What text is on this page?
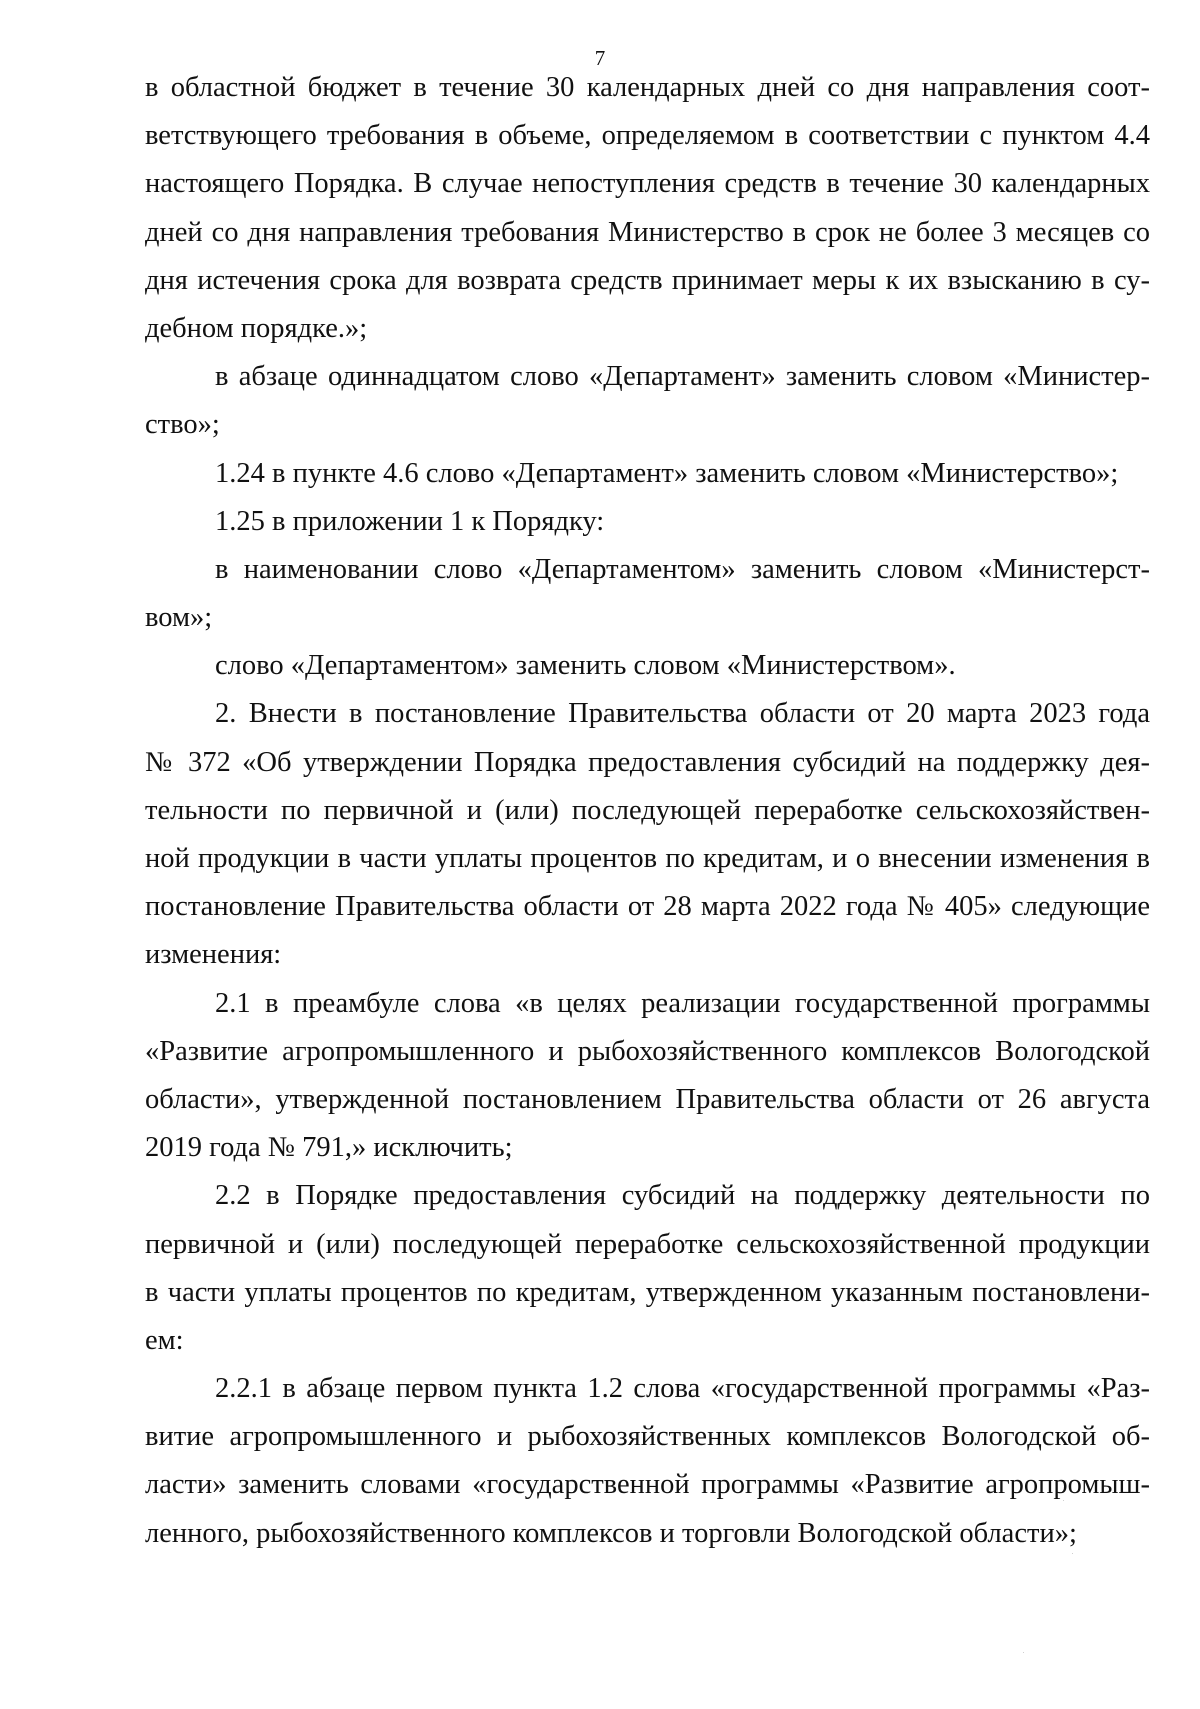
7
в областной бюджет в течение 30 календарных дней со дня направления соот-
ветствующего требования в объеме, определяемом в соответствии с пунктом 4.4
настоящего Порядка. В случае непоступления средств в течение 30 календарных
дней со дня направления требования Министерство в срок не более 3 месяцев со
дня истечения срока для возврата средств принимает меры к их взысканию в су-
дебном порядке.»;
в абзаце одиннадцатом слово «Департамент» заменить словом «Министер-
ство»;
1.24 в пункте 4.6 слово «Департамент» заменить словом «Министерство»;
1.25 в приложении 1 к Порядку:
в наименовании слово «Департаментом» заменить словом «Министерст-
вом»;
слово «Департаментом» заменить словом «Министерством».
2. Внести в постановление Правительства области от 20 марта 2023 года
№ 372 «Об утверждении Порядка предоставления субсидий на поддержку дея-
тельности по первичной и (или) последующей переработке сельскохозяйствен-
ной продукции в части уплаты процентов по кредитам, и о внесении изменения в
постановление Правительства области от 28 марта 2022 года № 405» следующие
изменения:
2.1 в преамбуле слова «в целях реализации государственной программы
«Развитие агропромышленного и рыбохозяйственного комплексов Вологодской
области», утвержденной постановлением Правительства области от 26 августа
2019 года № 791,» исключить;
2.2 в Порядке предоставления субсидий на поддержку деятельности по
первичной и (или) последующей переработке сельскохозяйственной продукции
в части уплаты процентов по кредитам, утвержденном указанным постановлени-
ем:
2.2.1 в абзаце первом пункта 1.2 слова «государственной программы «Раз-
витие агропромышленного и рыбохозяйственных комплексов Вологодской об-
ласти» заменить словами «государственной программы «Развитие агропромыш-
ленного, рыбохозяйственного комплексов и торговли Вологодской области»;
